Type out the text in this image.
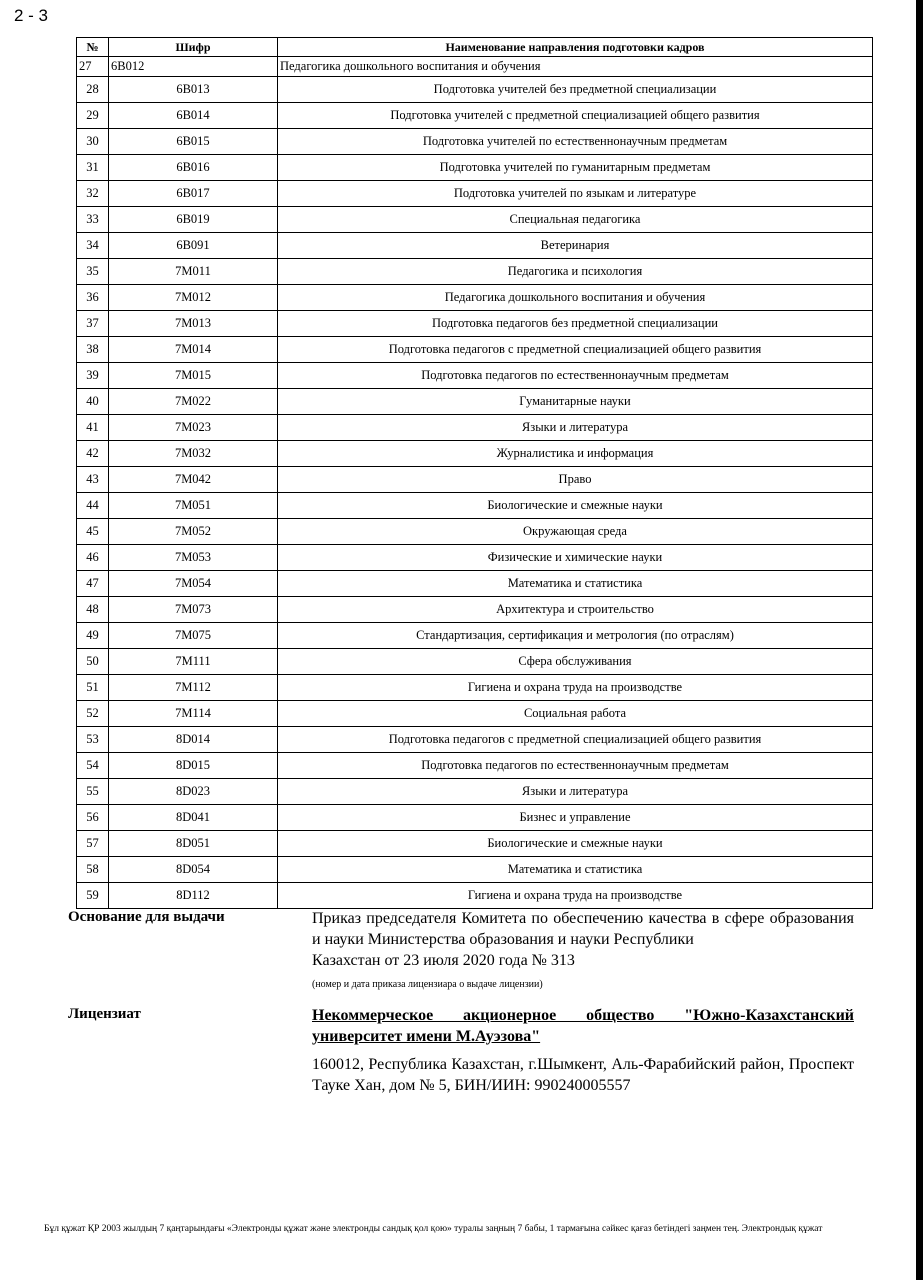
2 - 3
№	Шифр	Наименование направления подготовки кадров
27	6B012	Педагогика дошкольного воспитания и обучения
28	6B013	Подготовка учителей без предметной специализации
29	6B014	Подготовка учителей с предметной специализацией общего развития
30	6B015	Подготовка учителей по естественнонаучным предметам
31	6B016	Подготовка учителей по гуманитарным предметам
32	6B017	Подготовка учителей по языкам и литературе
33	6B019	Специальная педагогика
34	6B091	Ветеринария
35	7M011	Педагогика и психология
36	7M012	Педагогика дошкольного воспитания и обучения
37	7M013	Подготовка педагогов без предметной специализации
38	7M014	Подготовка педагогов с предметной специализацией общего развития
39	7M015	Подготовка педагогов по естественнонаучным предметам
40	7M022	Гуманитарные науки
41	7M023	Языки и литература
42	7M032	Журналистика и информация
43	7M042	Право
44	7M051	Биологические и смежные науки
45	7M052	Окружающая среда
46	7M053	Физические и химические науки
47	7M054	Математика и статистика
48	7M073	Архитектура и строительство
49	7M075	Стандартизация, сертификация и метрология (по отраслям)
50	7M111	Сфера обслуживания
51	7M112	Гигиена и охрана труда на производстве
52	7M114	Социальная работа
53	8D014	Подготовка педагогов с предметной специализацией общего развития
54	8D015	Подготовка педагогов по естественнонаучным предметам
55	8D023	Языки и литература
56	8D041	Бизнес и управление
57	8D051	Биологические и смежные науки
58	8D054	Математика и статистика
59	8D112	Гигиена и охрана труда на производстве
Основание для выдачи	Приказ председателя Комитета по обеспечению качества в сфере образования и науки Министерства образования и науки Республики
Казахстан от 23 июля 2020 года № 313
(номер и дата приказа лицензиара о выдаче лицензии)
Лицензиат	Некоммерческое акционерное общество "Южно-Казахстанский университет имени М.Ауэзова"
160012, Республика Казахстан, г.Шымкент, Аль-Фарабийский район, Проспект Тауке Хан, дом № 5, БИН/ИИН: 990240005557
Бұл құжат ҚР 2003 жылдың 7 қаңтарындағы «Электронды құжат және электронды сандық қол қою» туралы заңның 7 бабы, 1 тармағына сәйкес қағаз бетіндегі заңмен тең. Электрондық құжат
